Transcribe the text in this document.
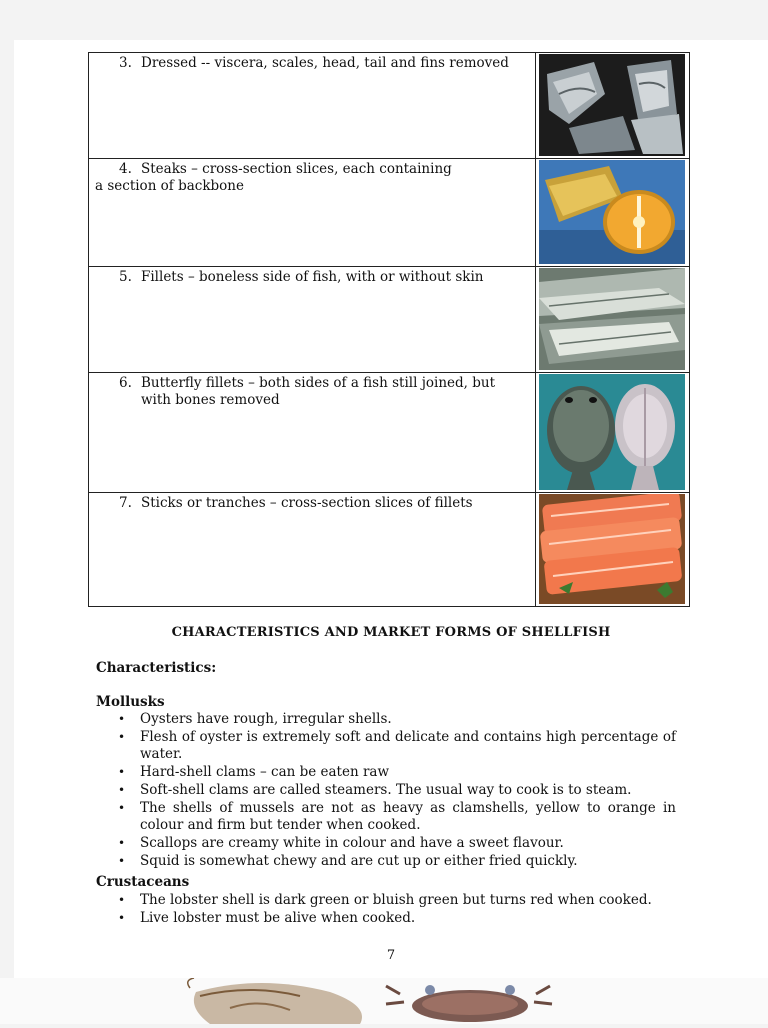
3. Dressed -- viscera, scales, head, tail and fins removed	

4. Steaks – cross-section slices, each containing
a section of backbone	

5. Fillets – boneless side of fish, with or without skin	

6. Butterfly fillets – both sides of a fish still joined, but
with bones removed	

7. Sticks or tranches – cross-section slices of fillets	
CHARACTERISTICS AND MARKET FORMS OF SHELLFISH
Characteristics:
Mollusks
• Oysters have rough, irregular shells.
• Flesh of oyster is extremely soft and delicate and contains high percentage of water.
• Hard-shell clams – can be eaten raw
• Soft-shell clams are called steamers. The usual way to cook is to steam.
• The shells of mussels are not as heavy as clamshells, yellow to orange in colour and firm but tender when cooked.
• Scallops are creamy white in colour and have a sweet flavour.
• Squid is somewhat chewy and are cut up or either fried quickly.
Crustaceans
• The lobster shell is dark green or bluish green but turns red when cooked.
• Live lobster must be alive when cooked.
7
